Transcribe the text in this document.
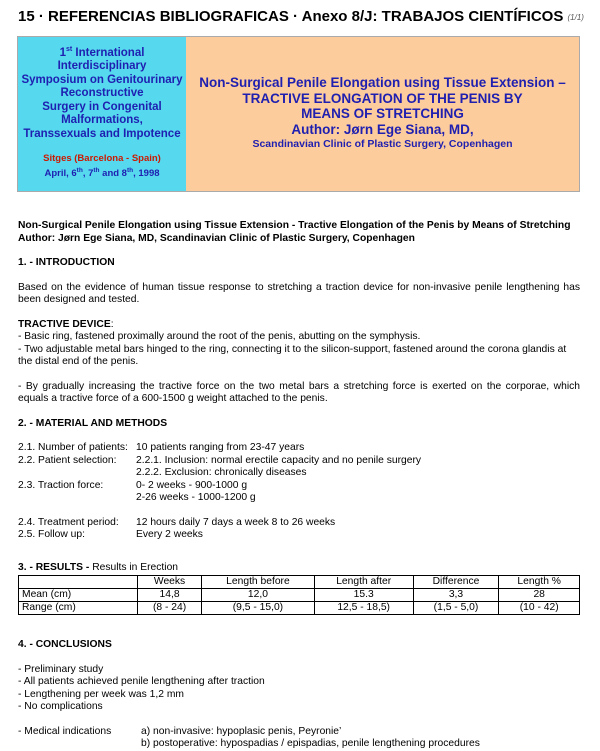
15 · REFERENCIAS BIBLIOGRAFICAS · Anexo 8/J: TRABAJOS CIENTÍFICOS (1/1)
1st International
Interdisciplinary
Symposium on Genitourinary
Reconstructive
Surgery in Congenital
Malformations,
Transsexuals and Impotence
Sitges (Barcelona - Spain)
April, 6th, 7th and 8th, 1998
Non-Surgical Penile Elongation using Tissue Extension –
TRACTIVE ELONGATION OF THE PENIS BY
MEANS OF STRETCHING
Author: Jørn Ege Siana, MD,
Scandinavian Clinic of Plastic Surgery, Copenhagen
Non-Surgical Penile Elongation using Tissue Extension - Tractive Elongation of the Penis by Means of Stretching
Author: Jørn Ege Siana, MD, Scandinavian Clinic of Plastic Surgery, Copenhagen
1. - INTRODUCTION
Based on the evidence of human tissue response to stretching a traction device for non-invasive penile lengthening has been designed and tested.
TRACTIVE DEVICE:
- Basic ring, fastened proximally around the root of the penis, abutting on the symphysis.
- Two adjustable metal bars hinged to the ring, connecting it to the silicon-support, fastened around the corona glandis at the distal end of the penis.
- By gradually increasing the tractive force on the two metal bars a stretching force is exerted on the corporae, which equals a tractive force of a 600-1500 g weight attached to the penis.
2. - MATERIAL AND METHODS
2.1. Number of patients: 10 patients ranging from 23-47 years
2.2. Patient selection:	2.2.1. Inclusion: normal erectile capacity and no penile surgery
2.2.2. Exclusion: chronically diseases
2.3. Traction force:	0- 2 weeks - 900-1000 g
2-26 weeks - 1000-1200 g
2.4. Treatment period:	12 hours daily 7 days a week 8 to 26 weeks
2.5. Follow up:	Every 2 weeks
3. - RESULTS - Results in Erection
	Weeks	Length before	Length after	Difference	Length %
Mean (cm)	14,8	12,0	15.3	3,3	28
Range (cm)	(8 - 24)	(9,5 - 15,0)	12,5 - 18,5)	(1,5 - 5,0)	(10 - 42)
4. - CONCLUSIONS
- Preliminary study
- All patients achieved penile lengthening after traction
- Lengthening per week was 1,2 mm
- No complications
- Medical indications	a) non-invasive: hypoplasic penis, Peyronie’
b) postoperative: hypospadias / epispadias, penile lengthening procedures
